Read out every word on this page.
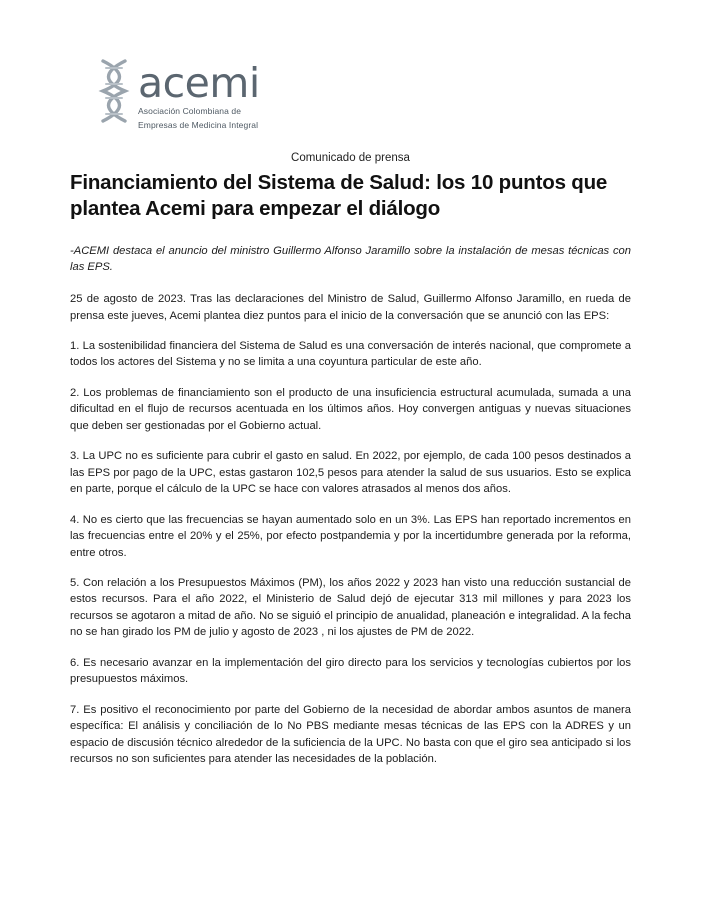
acemi
Asociación Colombiana de
Empresas de Medicina Integral

Comunicado de prensa

Financiamiento del Sistema de Salud: los 10 puntos que plantea Acemi para empezar el diálogo

-ACEMI destaca el anuncio del ministro Guillermo Alfonso Jaramillo sobre la instalación de mesas técnicas con las EPS.

25 de agosto de 2023. Tras las declaraciones del Ministro de Salud, Guillermo Alfonso Jaramillo, en rueda de prensa este jueves, Acemi plantea diez puntos para el inicio de la conversación que se anunció con las EPS:

1. La sostenibilidad financiera del Sistema de Salud es una conversación de interés nacional, que compromete a todos los actores del Sistema y no se limita a una coyuntura particular de este año.

2. Los problemas de financiamiento son el producto de una insuficiencia estructural acumulada, sumada a una dificultad en el flujo de recursos acentuada en los últimos años. Hoy convergen antiguas y nuevas situaciones que deben ser gestionadas por el Gobierno actual.

3. La UPC no es suficiente para cubrir el gasto en salud. En 2022, por ejemplo, de cada 100 pesos destinados a las EPS por pago de la UPC, estas gastaron 102,5 pesos para atender la salud de sus usuarios. Esto se explica en parte, porque el cálculo de la UPC se hace con valores atrasados al menos dos años.

4. No es cierto que las frecuencias se hayan aumentado solo en un 3%. Las EPS han reportado incrementos en las frecuencias entre el 20% y el 25%, por efecto postpandemia y por la incertidumbre generada por la reforma, entre otros.

5. Con relación a los Presupuestos Máximos (PM), los años 2022 y 2023 han visto una reducción sustancial de estos recursos. Para el año 2022, el Ministerio de Salud dejó de ejecutar 313 mil millones y para 2023 los recursos se agotaron a mitad de año. No se siguió el principio de anualidad, planeación e integralidad. A la fecha no se han girado los PM de julio y agosto de 2023 , ni los ajustes de PM de 2022.

6. Es necesario avanzar en la implementación del giro directo para los servicios y tecnologías cubiertos por los presupuestos máximos.

7. Es positivo el reconocimiento por parte del Gobierno de la necesidad de abordar ambos asuntos de manera específica: El análisis y conciliación de lo No PBS mediante mesas técnicas de las EPS con la ADRES y un espacio de discusión técnico alrededor de la suficiencia de la UPC. No basta con que el giro sea anticipado si los recursos no son suficientes para atender las necesidades de la población.
